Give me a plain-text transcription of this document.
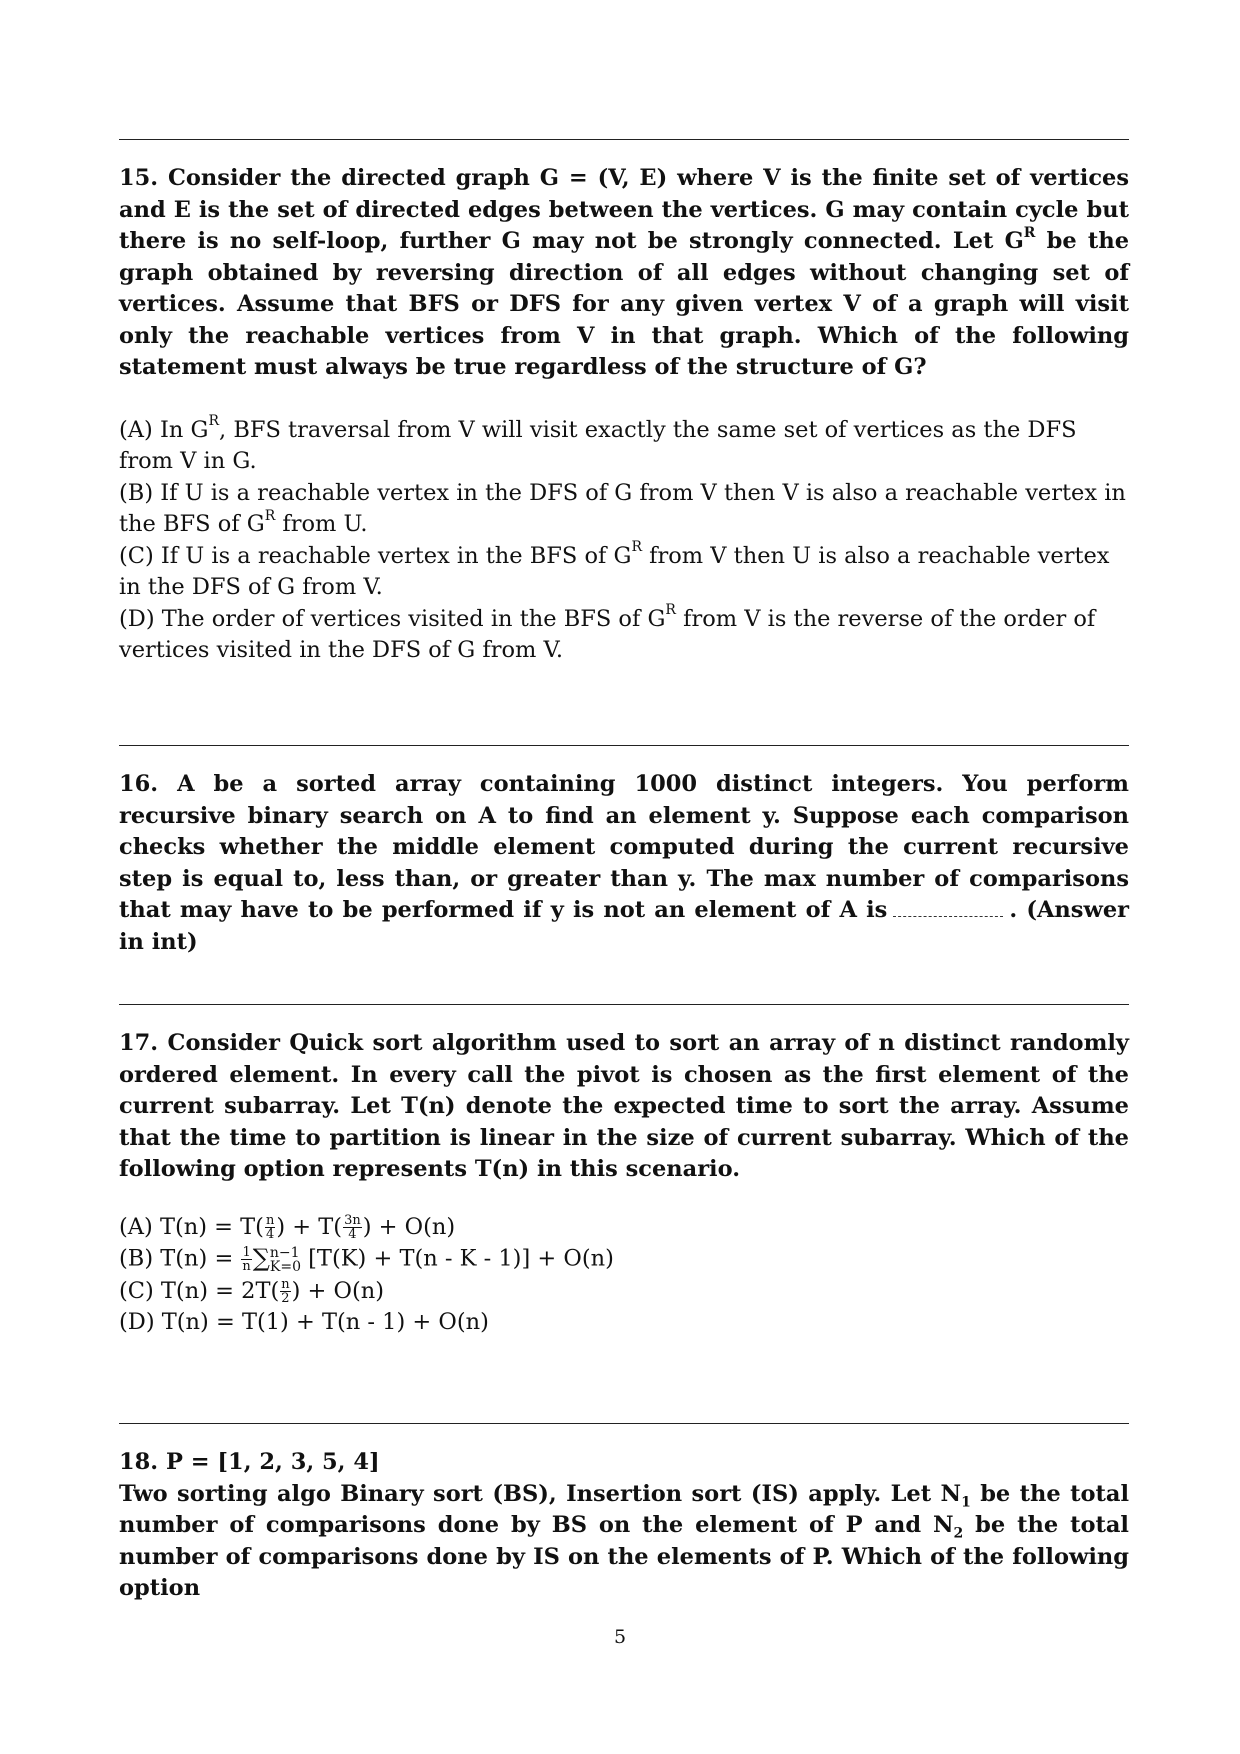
15. Consider the directed graph G = (V, E) where V is the finite set of vertices and E is the set of directed edges between the vertices. G may contain cycle but there is no self-loop, further G may not be strongly connected. Let $G^R$ be the graph obtained by reversing direction of all edges without changing set of vertices. Assume that BFS or DFS for any given vertex V of a graph will visit only the reachable vertices from V in that graph. Which of the following statement must always be true regardless of the structure of G?
(A) In $G^R$, BFS traversal from V will visit exactly the same set of vertices as the DFS from V in G.
(B) If U is a reachable vertex in the DFS of G from V then V is also a reachable vertex in the BFS of $G^R$ from U.
(C) If U is a reachable vertex in the BFS of $G^R$ from V then U is also a reachable vertex in the DFS of G from V.
(D) The order of vertices visited in the BFS of $G^R$ from V is the reverse of the order of vertices visited in the DFS of G from V.
16. A be a sorted array containing 1000 distinct integers. You perform recursive binary search on A to find an element y. Suppose each comparison checks whether the middle element computed during the current recursive step is equal to, less than, or greater than y. The max number of comparisons that may have to be performed if y is not an element of A is	. (Answer in int)
17. Consider Quick sort algorithm used to sort an array of n distinct randomly ordered element. In every call the pivot is chosen as the first element of the current subarray. Let T(n) denote the expected time to sort the array. Assume that the time to partition is linear in the size of current subarray. Which of the following option represents T(n) in this scenario.
(A) $T(n) = T( \frac{n}{4}$ ) + $T( \frac{3n}{4}$ ) + O(n)
(B) $T(n) = \frac{1}{n}$ ∑ n−1
K=0 [T(K) + T(n - K - 1)] + O(n)
(C) $T(n) = 2T( \frac{n}{2}$ ) + O(n)
(D) T(n) = T(1) + T(n - 1) + O(n)
18. P = [1, 2, 3, 5, 4]
Two sorting algo Binary sort (BS), Insertion sort (IS) apply. Let $N_1$ be the total number of comparisons done by BS on the element of P and $N_2$ be the total number of comparisons done by IS on the elements of P. Which of the following option
5
